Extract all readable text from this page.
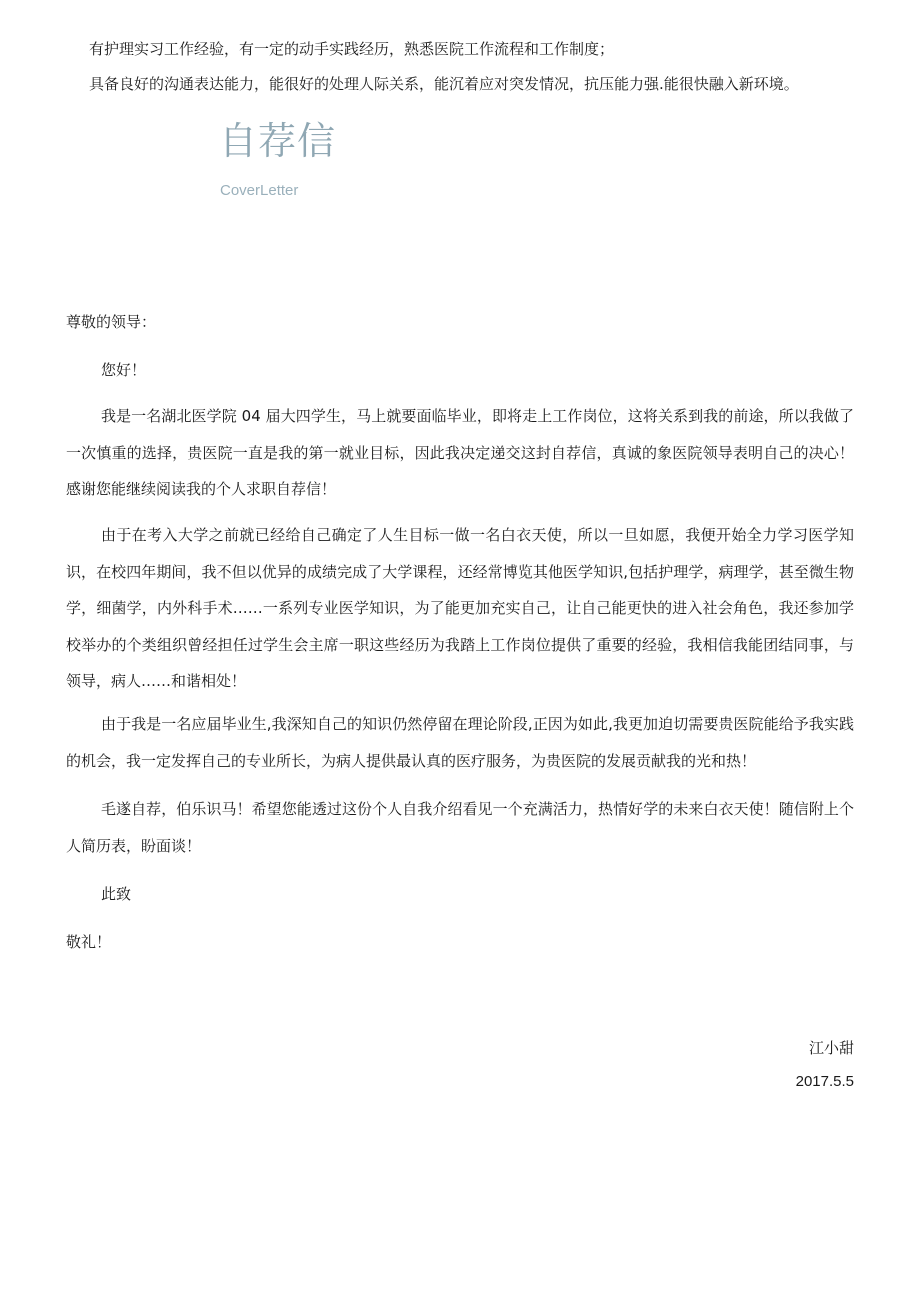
有护理实习工作经验，有一定的动手实践经历，熟悉医院工作流程和工作制度；
具备良好的沟通表达能力，能很好的处理人际关系，能沉着应对突发情况，抗压能力强.能很快融入新环境。
自荐信
CoverLetter
尊敬的领导：
您好！

我是一名湖北医学院 04 届大四学生，马上就要面临毕业，即将走上工作岗位，这将关系到我的前途，所以我做了一次慎重的选择，贵医院一直是我的第一就业目标，因此我决定递交这封自荐信，真诚的象医院领导表明自己的决心！感谢您能继续阅读我的个人求职自荐信！

由于在考入大学之前就已经给自己确定了人生目标一做一名白衣天使，所以一旦如愿，我便开始全力学习医学知识，在校四年期间，我不但以优异的成绩完成了大学课程，还经常博览其他医学知识,包括护理学，病理学，甚至微生物学，细菌学，内外科手术……一系列专业医学知识，为了能更加充实自己，让自己能更快的进入社会角色，我还参加学校举办的个类组织曾经担任过学生会主席一职这些经历为我踏上工作岗位提供了重要的经验，我相信我能团结同事，与领导，病人……和谐相处！

由于我是一名应届毕业生,我深知自己的知识仍然停留在理论阶段,正因为如此,我更加迫切需要贵医院能给予我实践的机会，我一定发挥自己的专业所长，为病人提供最认真的医疗服务，为贵医院的发展贡献我的光和热！

毛遂自荐，伯乐识马！希望您能透过这份个人自我介绍看见一个充满活力，热情好学的未来白衣天使！随信附上个人简历表，盼面谈！

此致
敬礼！
江小甜
2017.5.5
